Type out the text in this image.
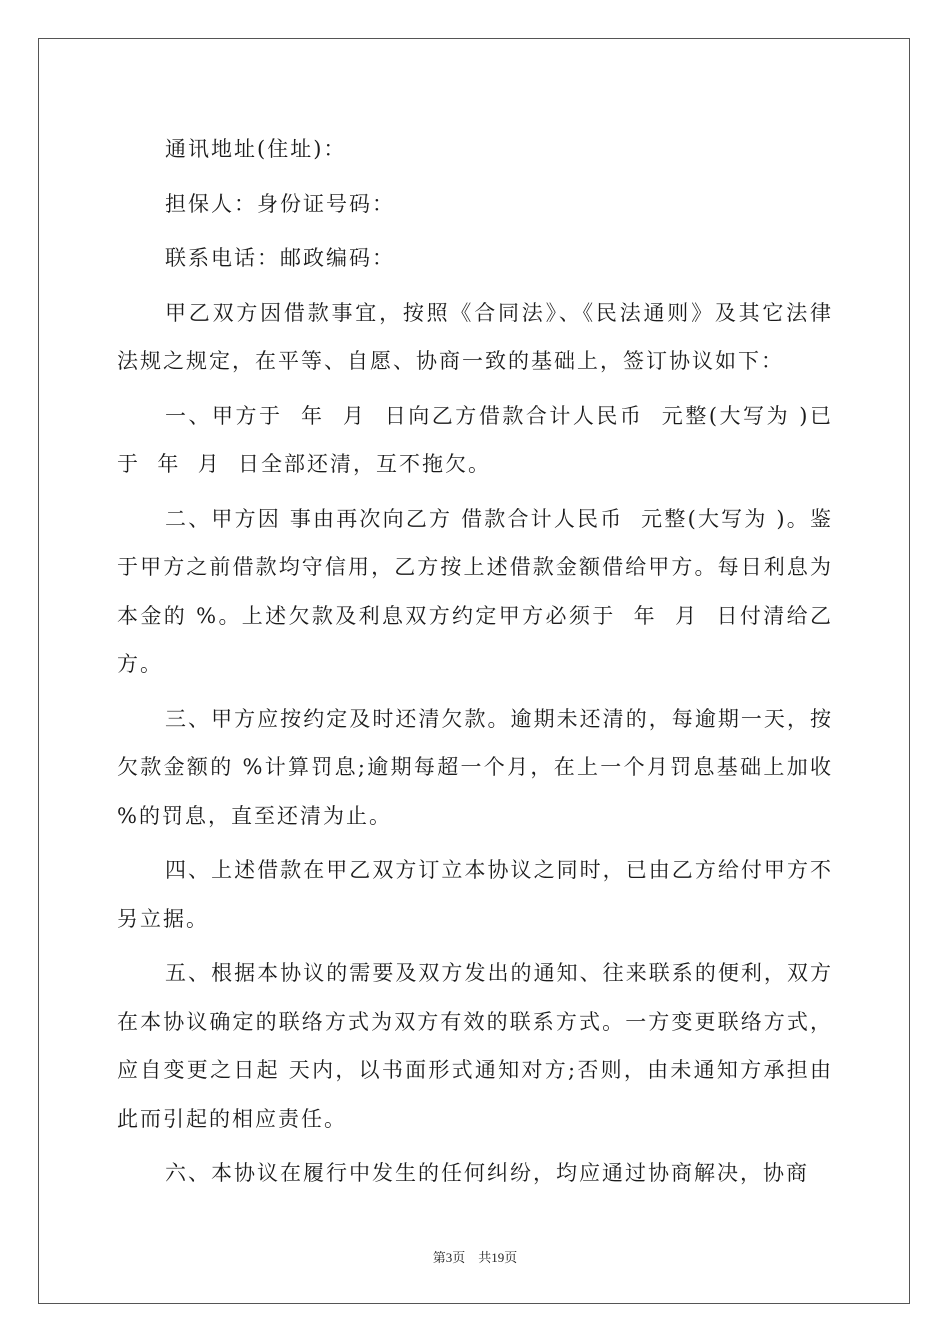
通讯地址(住址)：

担保人：身份证号码：

联系电话：邮政编码：

甲乙双方因借款事宜，按照《合同法》、《民法通则》及其它法律法规之规定，在平等、自愿、协商一致的基础上，签订协议如下：

一、甲方于  年  月  日向乙方借款合计人民币  元整(大写为 )已于  年  月  日全部还清，互不拖欠。

二、甲方因 事由再次向乙方 借款合计人民币  元整(大写为 )。鉴于甲方之前借款均守信用，乙方按上述借款金额借给甲方。每日利息为本金的 %。上述欠款及利息双方约定甲方必须于  年  月  日付清给乙方。

三、甲方应按约定及时还清欠款。逾期未还清的，每逾期一天，按欠款金额的 %计算罚息;逾期每超一个月，在上一个月罚息基础上加收 %的罚息，直至还清为止。

四、上述借款在甲乙双方订立本协议之同时，已由乙方给付甲方不另立据。

五、根据本协议的需要及双方发出的通知、往来联系的便利，双方在本协议确定的联络方式为双方有效的联系方式。一方变更联络方式，应自变更之日起 天内，以书面形式通知对方;否则，由未通知方承担由此而引起的相应责任。

六、本协议在履行中发生的任何纠纷，均应通过协商解决，协商

第3页    共19页
